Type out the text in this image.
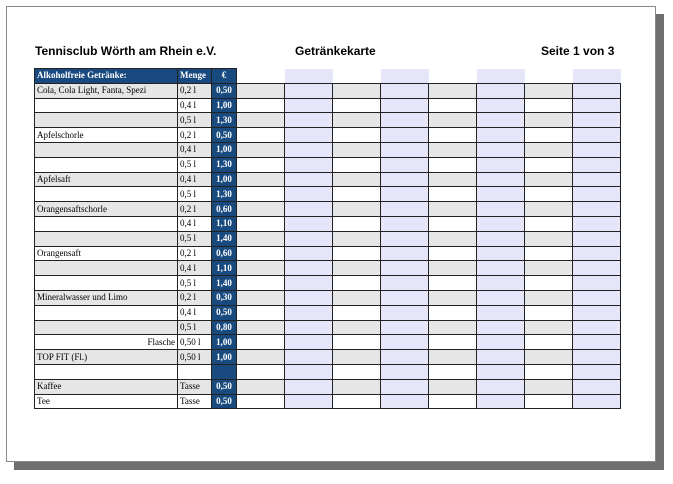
Tennisclub Wörth am Rhein e.V.	Getränkekarte	Seite 1 von 3
Alkoholfreie Getränke:	Menge	€								
Cola, Cola Light, Fanta, Spezi	0,2 l	0,50								
	0,4 l	1,00								
	0,5 l	1,30								
Apfelschorle	0,2 l	0,50								
	0,4 l	1,00								
	0,5 l	1,30								
Apfelsaft	0,4 l	1,00								
	0,5 l	1,30								
Orangensaftschorle	0,2 l	0,60								
	0,4 l	1,10								
	0,5 l	1,40								
Orangensaft	0,2 l	0,60								
	0,4 l	1,10								
	0,5 l	1,40								
Mineralwasser und Limo	0,2 l	0,30								
	0,4 l	0,50								
	0,5 l	0,80								
Flasche	0,50 l	1,00								
TOP FIT (Fl.)	0,50 l	1,00								

Kaffee	Tasse	0,50								
Tee	Tasse	0,50								
